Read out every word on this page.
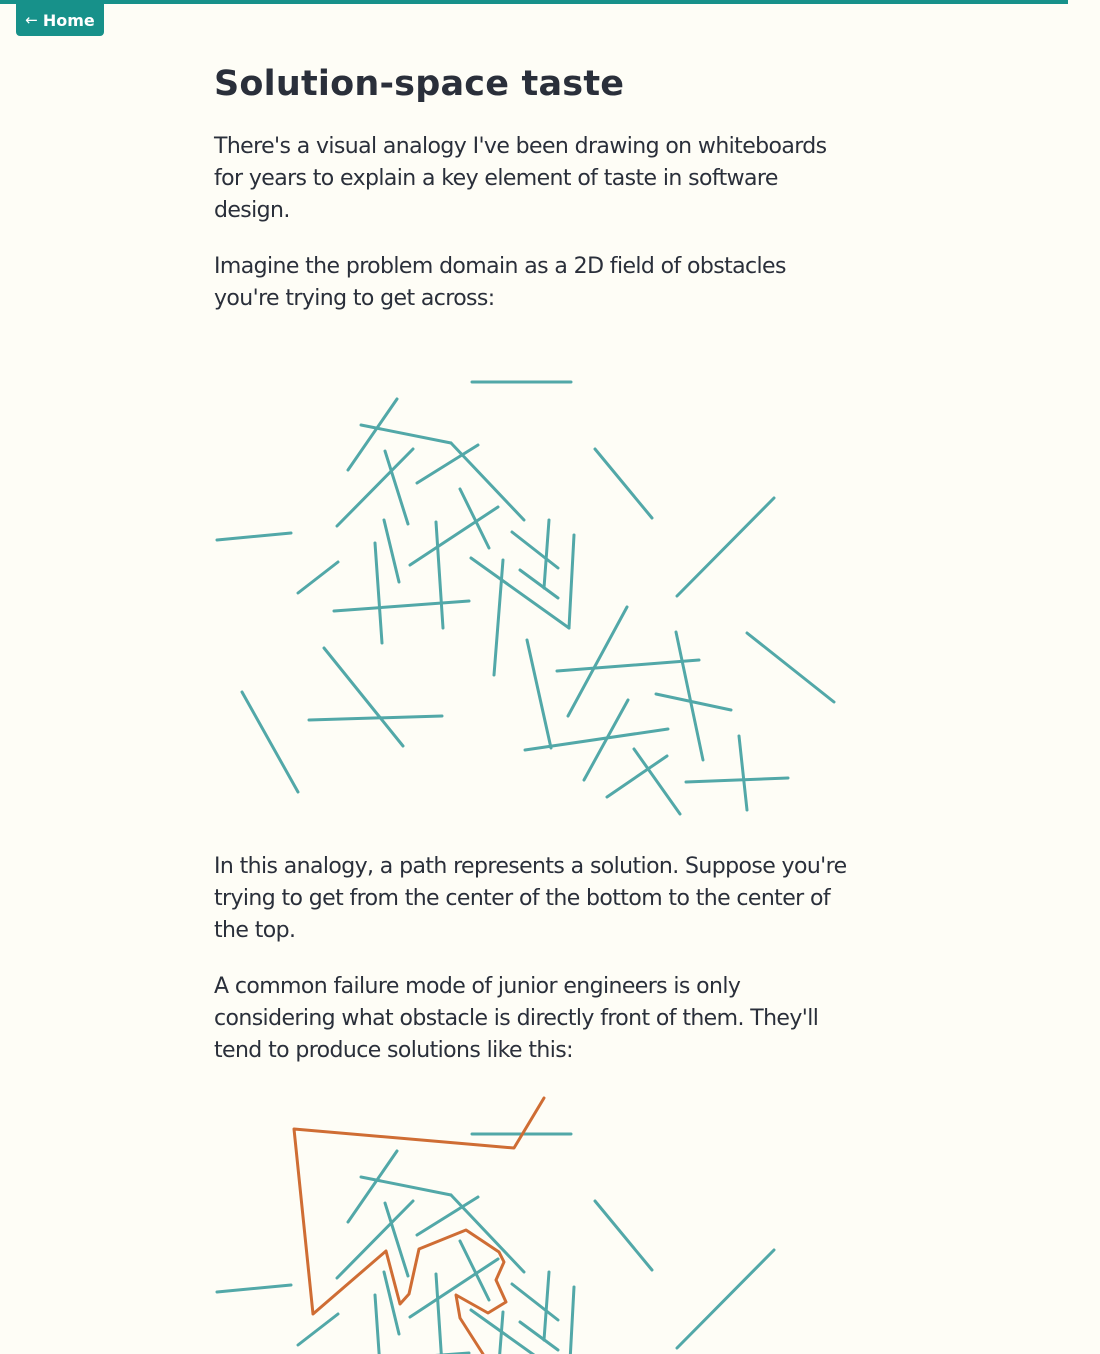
← Home
Solution-space taste

There's a visual analogy I've been drawing on whiteboards for years to explain a key element of taste in software design.

Imagine the problem domain as a 2D field of obstacles you're trying to get across:

In this analogy, a path represents a solution. Suppose you're trying to get from the center of the bottom to the center of the top.

A common failure mode of junior engineers is only considering what obstacle is directly front of them. They'll tend to produce solutions like this:
